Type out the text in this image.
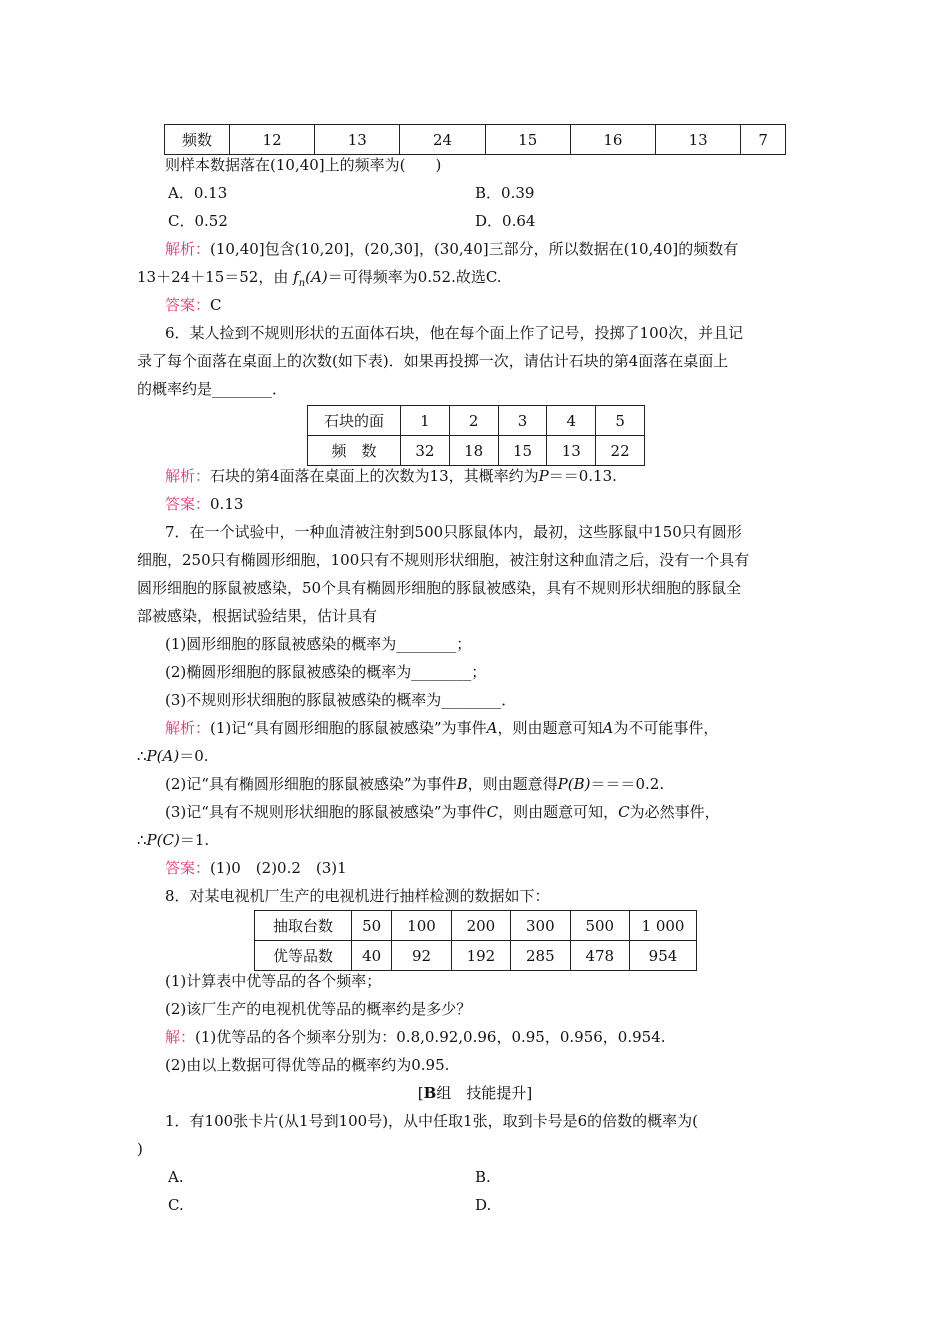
频数	12	13	24	15	16	13	7
则样本数据落在(10,40]上的频率为(　　)
A．0.13	B．0.39
C．0.52	D．0.64
解析：(10,40]包含(10,20]，(20,30]，(30,40]三部分，所以数据在(10,40]的频数有
13＋24＋15＝52，由 $f_n(A)=$可得频率为0.52.故选C.
答案：C
6．某人捡到不规则形状的五面体石块，他在每个面上作了记号，投掷了100次，并且记
录了每个面落在桌面上的次数(如下表)．如果再投掷一次，请估计石块的第4面落在桌面上
的概率约是________．
石块的面	1	2	3	4	5
频　数	32	18	15	13	22
解析：石块的第4面落在桌面上的次数为13，其概率约为P＝＝0.13.
答案：0.13
7．在一个试验中，一种血清被注射到500只豚鼠体内，最初，这些豚鼠中150只有圆形
细胞，250只有椭圆形细胞，100只有不规则形状细胞，被注射这种血清之后，没有一个具有
圆形细胞的豚鼠被感染，50个具有椭圆形细胞的豚鼠被感染，具有不规则形状细胞的豚鼠全
部被感染，根据试验结果，估计具有
(1)圆形细胞的豚鼠被感染的概率为________；
(2)椭圆形细胞的豚鼠被感染的概率为________；
(3)不规则形状细胞的豚鼠被感染的概率为________．
解析：(1)记“具有圆形细胞的豚鼠被感染”为事件A，则由题意可知A为不可能事件，
∴P(A)＝0.
(2)记“具有椭圆形细胞的豚鼠被感染”为事件B，则由题意得P(B)＝＝＝0.2.
(3)记“具有不规则形状细胞的豚鼠被感染”为事件C，则由题意可知，C为必然事件，
∴P(C)＝1.
答案：(1)0　(2)0.2　(3)1
8．对某电视机厂生产的电视机进行抽样检测的数据如下：
抽取台数	50	100	200	300	500	1 000
优等品数	40	92	192	285	478	954
(1)计算表中优等品的各个频率；
(2)该厂生产的电视机优等品的概率约是多少？
解：(1)优等品的各个频率分别为：0.8,0.92,0.96，0.95，0.956，0.954.
(2)由以上数据可得优等品的概率约为0.95.
[B组　技能提升]
1．有100张卡片(从1号到100号)，从中任取1张，取到卡号是6的倍数的概率为(
)
A.	B.
C.	D.
